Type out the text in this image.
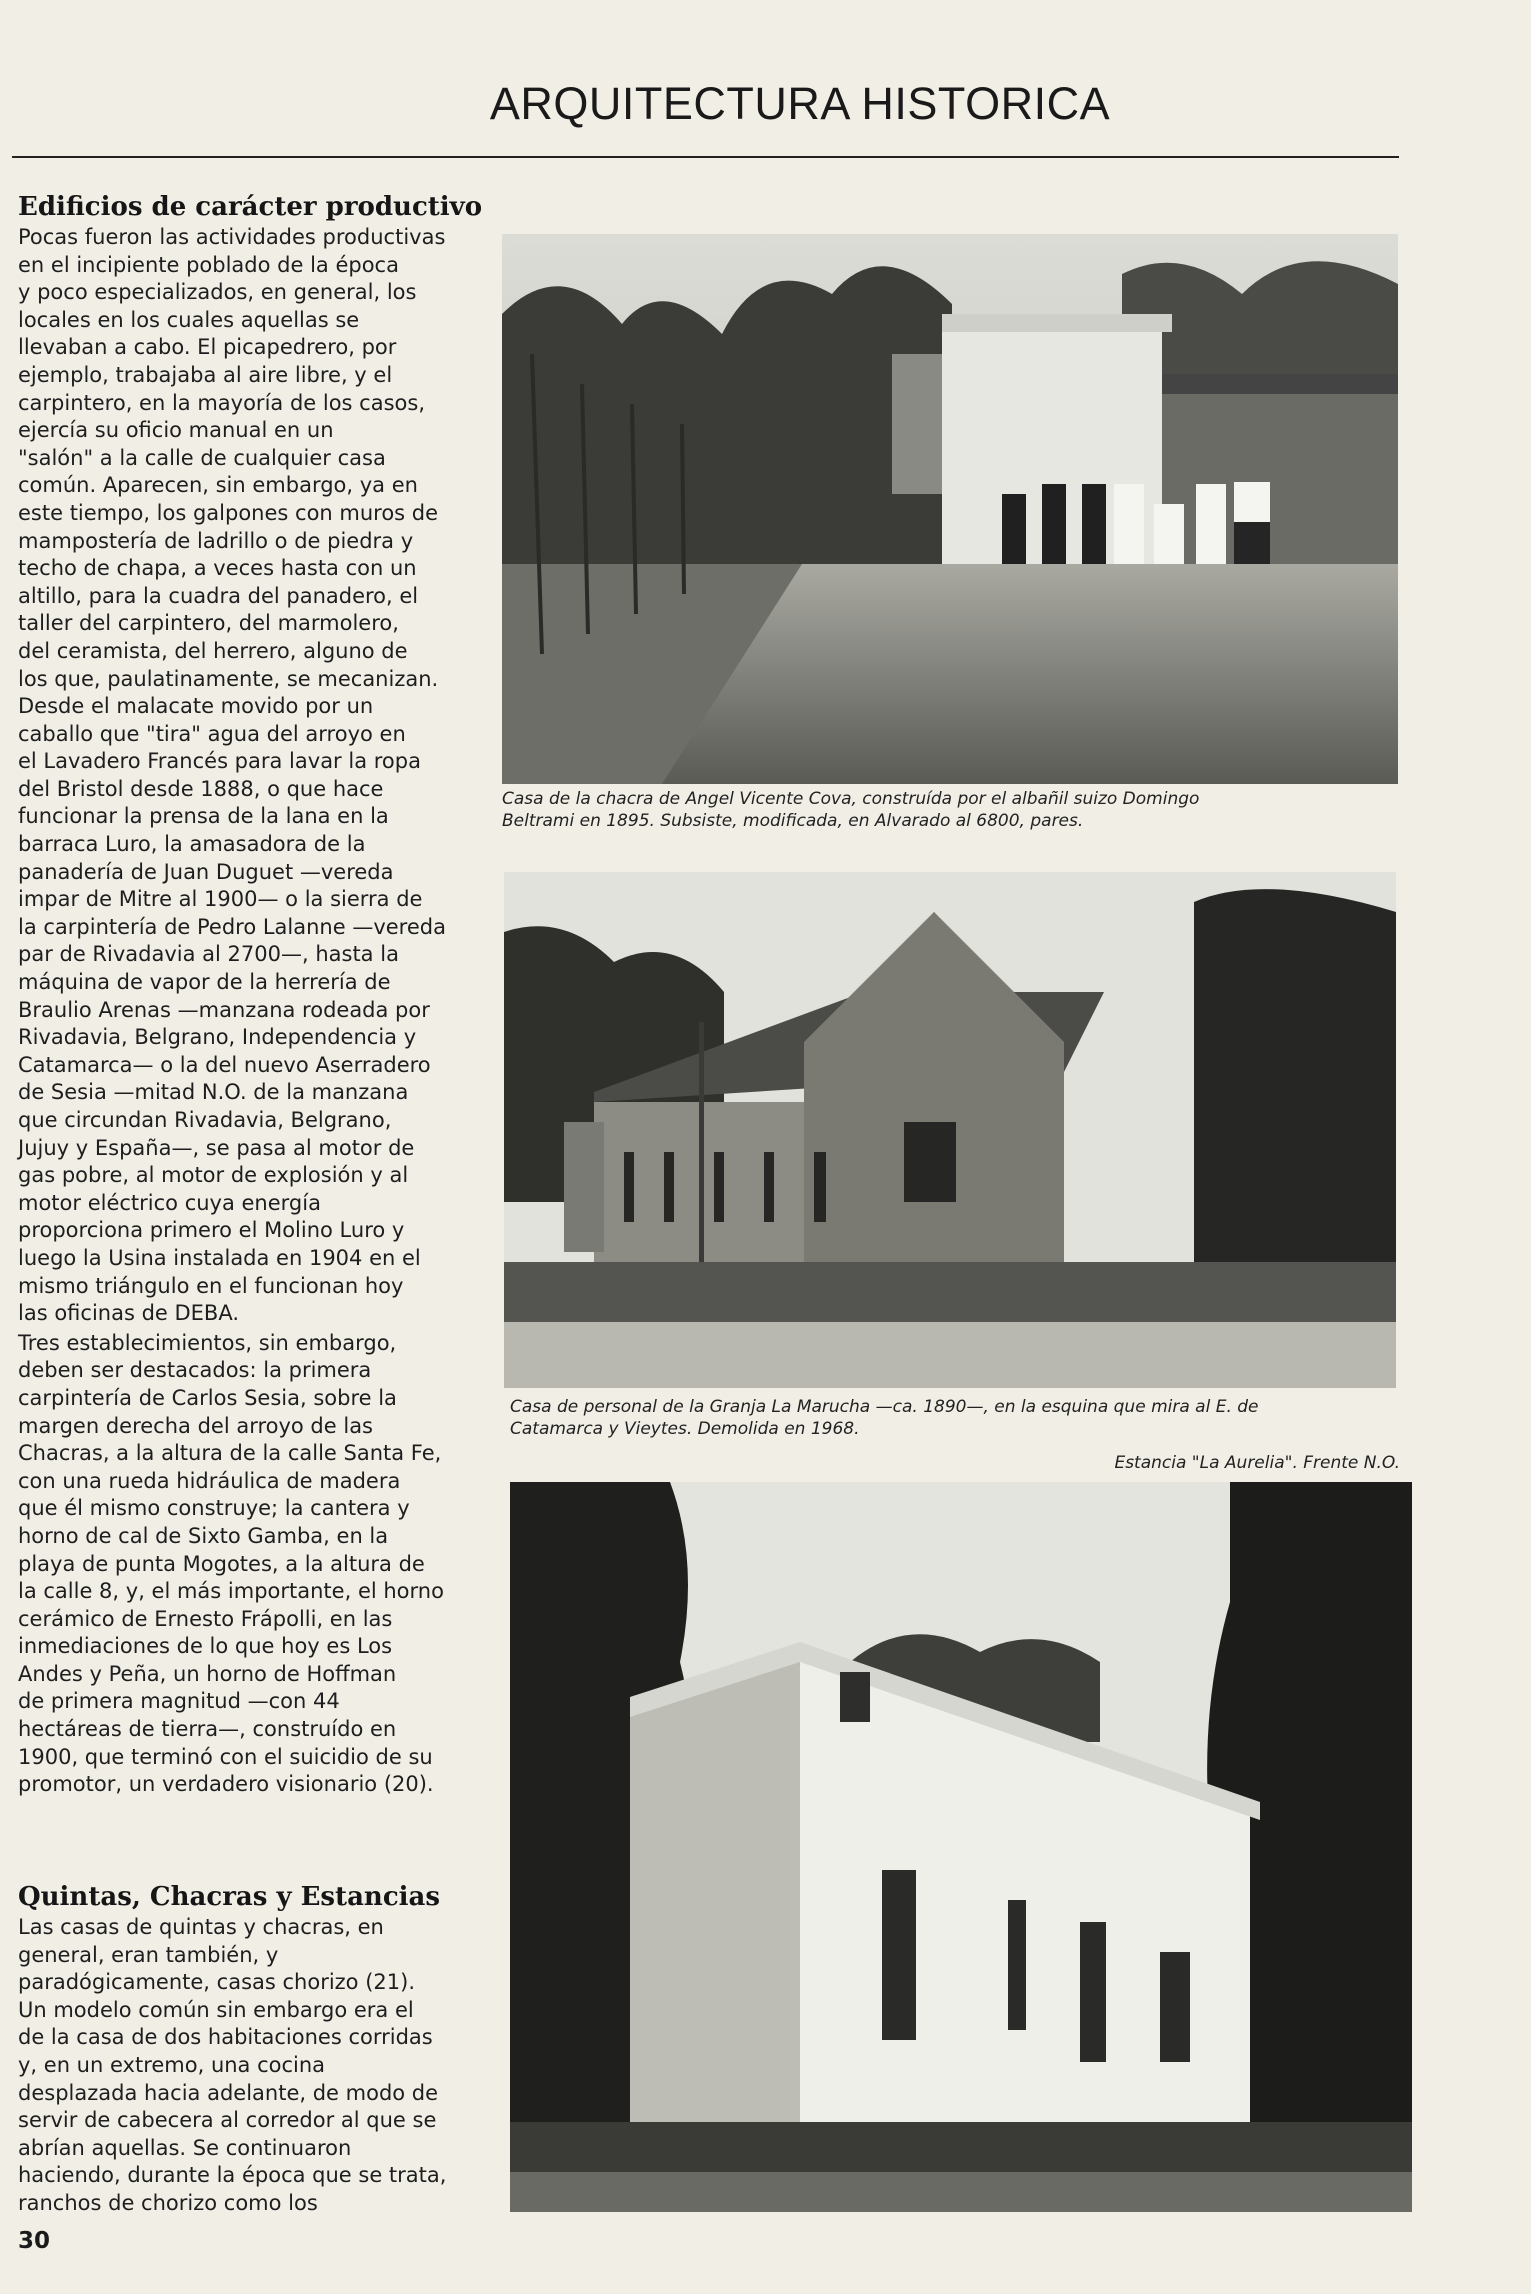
ARQUITECTURA HISTORICA
Edificios de carácter productivo

Pocas fueron las actividades productivas
en el incipiente poblado de la época
y poco especializados, en general, los
locales en los cuales aquellas se
llevaban a cabo. El picapedrero, por
ejemplo, trabajaba al aire libre, y el
carpintero, en la mayoría de los casos,
ejercía su oficio manual en un
"salón" a la calle de cualquier casa
común. Aparecen, sin embargo, ya en
este tiempo, los galpones con muros de
mampostería de ladrillo o de piedra y
techo de chapa, a veces hasta con un
altillo, para la cuadra del panadero, el
taller del carpintero, del marmolero,
del ceramista, del herrero, alguno de
los que, paulatinamente, se mecanizan.
Desde el malacate movido por un
caballo que "tira" agua del arroyo en
el Lavadero Francés para lavar la ropa
del Bristol desde 1888, o que hace
funcionar la prensa de la lana en la
barraca Luro, la amasadora de la
panadería de Juan Duguet —vereda
impar de Mitre al 1900— o la sierra de
la carpintería de Pedro Lalanne —vereda
par de Rivadavia al 2700—, hasta la
máquina de vapor de la herrería de
Braulio Arenas —manzana rodeada por
Rivadavia, Belgrano, Independencia y
Catamarca— o la del nuevo Aserradero
de Sesia —mitad N.O. de la manzana
que circundan Rivadavia, Belgrano,
Jujuy y España—, se pasa al motor de
gas pobre, al motor de explosión y al
motor eléctrico cuya energía
proporciona primero el Molino Luro y
luego la Usina instalada en 1904 en el
mismo triángulo en el funcionan hoy
las oficinas de DEBA.

Tres establecimientos, sin embargo,
deben ser destacados: la primera
carpintería de Carlos Sesia, sobre la
margen derecha del arroyo de las
Chacras, a la altura de la calle Santa Fe,
con una rueda hidráulica de madera
que él mismo construye; la cantera y
horno de cal de Sixto Gamba, en la
playa de punta Mogotes, a la altura de
la calle 8, y, el más importante, el horno
cerámico de Ernesto Frápolli, en las
inmediaciones de lo que hoy es Los
Andes y Peña, un horno de Hoffman
de primera magnitud —con 44
hectáreas de tierra—, construído en
1900, que terminó con el suicidio de su
promotor, un verdadero visionario (20).

Quintas, Chacras y Estancias

Las casas de quintas y chacras, en
general, eran también, y
paradógicamente, casas chorizo (21).
Un modelo común sin embargo era el
de la casa de dos habitaciones corridas
y, en un extremo, una cocina
desplazada hacia adelante, de modo de
servir de cabecera al corredor al que se
abrían aquellas. Se continuaron
haciendo, durante la época que se trata,
ranchos de chorizo como los

Casa de la chacra de Angel Vicente Cova, construída por el albañil suizo Domingo
Beltrami en 1895. Subsiste, modificada, en Alvarado al 6800, pares.
Casa de personal de la Granja La Marucha —ca. 1890—, en la esquina que mira al E. de
Catamarca y Vieytes. Demolida en 1968.
Estancia "La Aurelia". Frente N.O.
30
